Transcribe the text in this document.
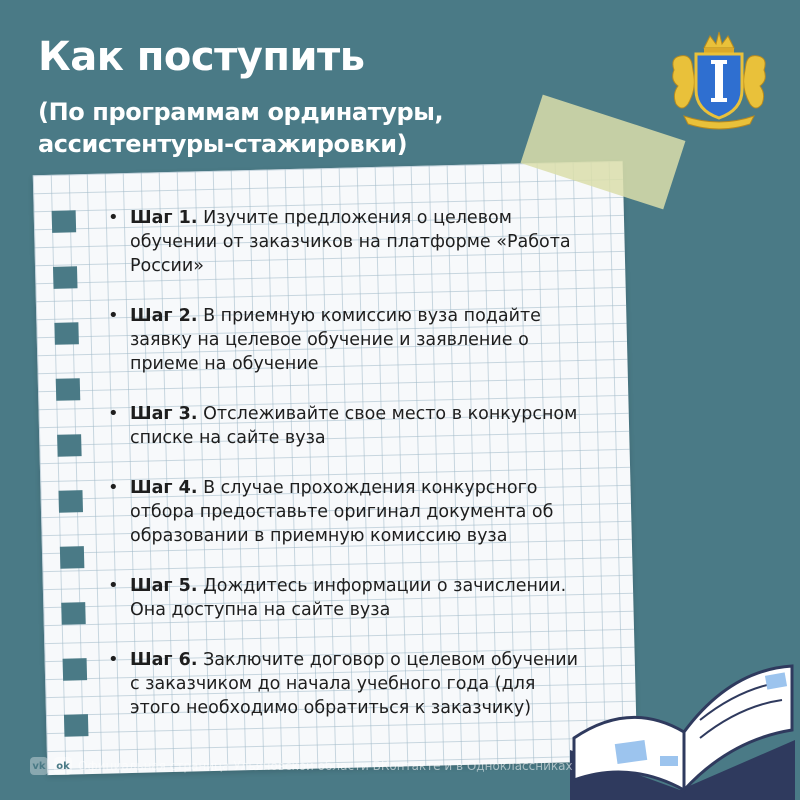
Как поступить
(По программам ординатуры, ассистентуры-стажировки)
• Шаг 1. Изучите предложения о целевом обучении от заказчиков на платформе «Работа России»
• Шаг 2. В приемную комиссию вуза подайте заявку на целевое обучение и заявление о приеме на обучение
• Шаг 3. Отслеживайте свое место в конкурсном списке на сайте вуза
• Шаг 4. В случае прохождения конкурсного отбора предоставьте оригинал документа об образовании в приемную комиссию вуза
• Шаг 5. Дождитесь информации о зачислении. Она доступна на сайте вуза
• Шаг 6. Заключите договор о целевом обучении с заказчиком до начала учебного года (для этого необходимо обратиться к заказчику)
vk ok Официальная страница Ульяновской области ВКонтакте и в Одноклассниках
